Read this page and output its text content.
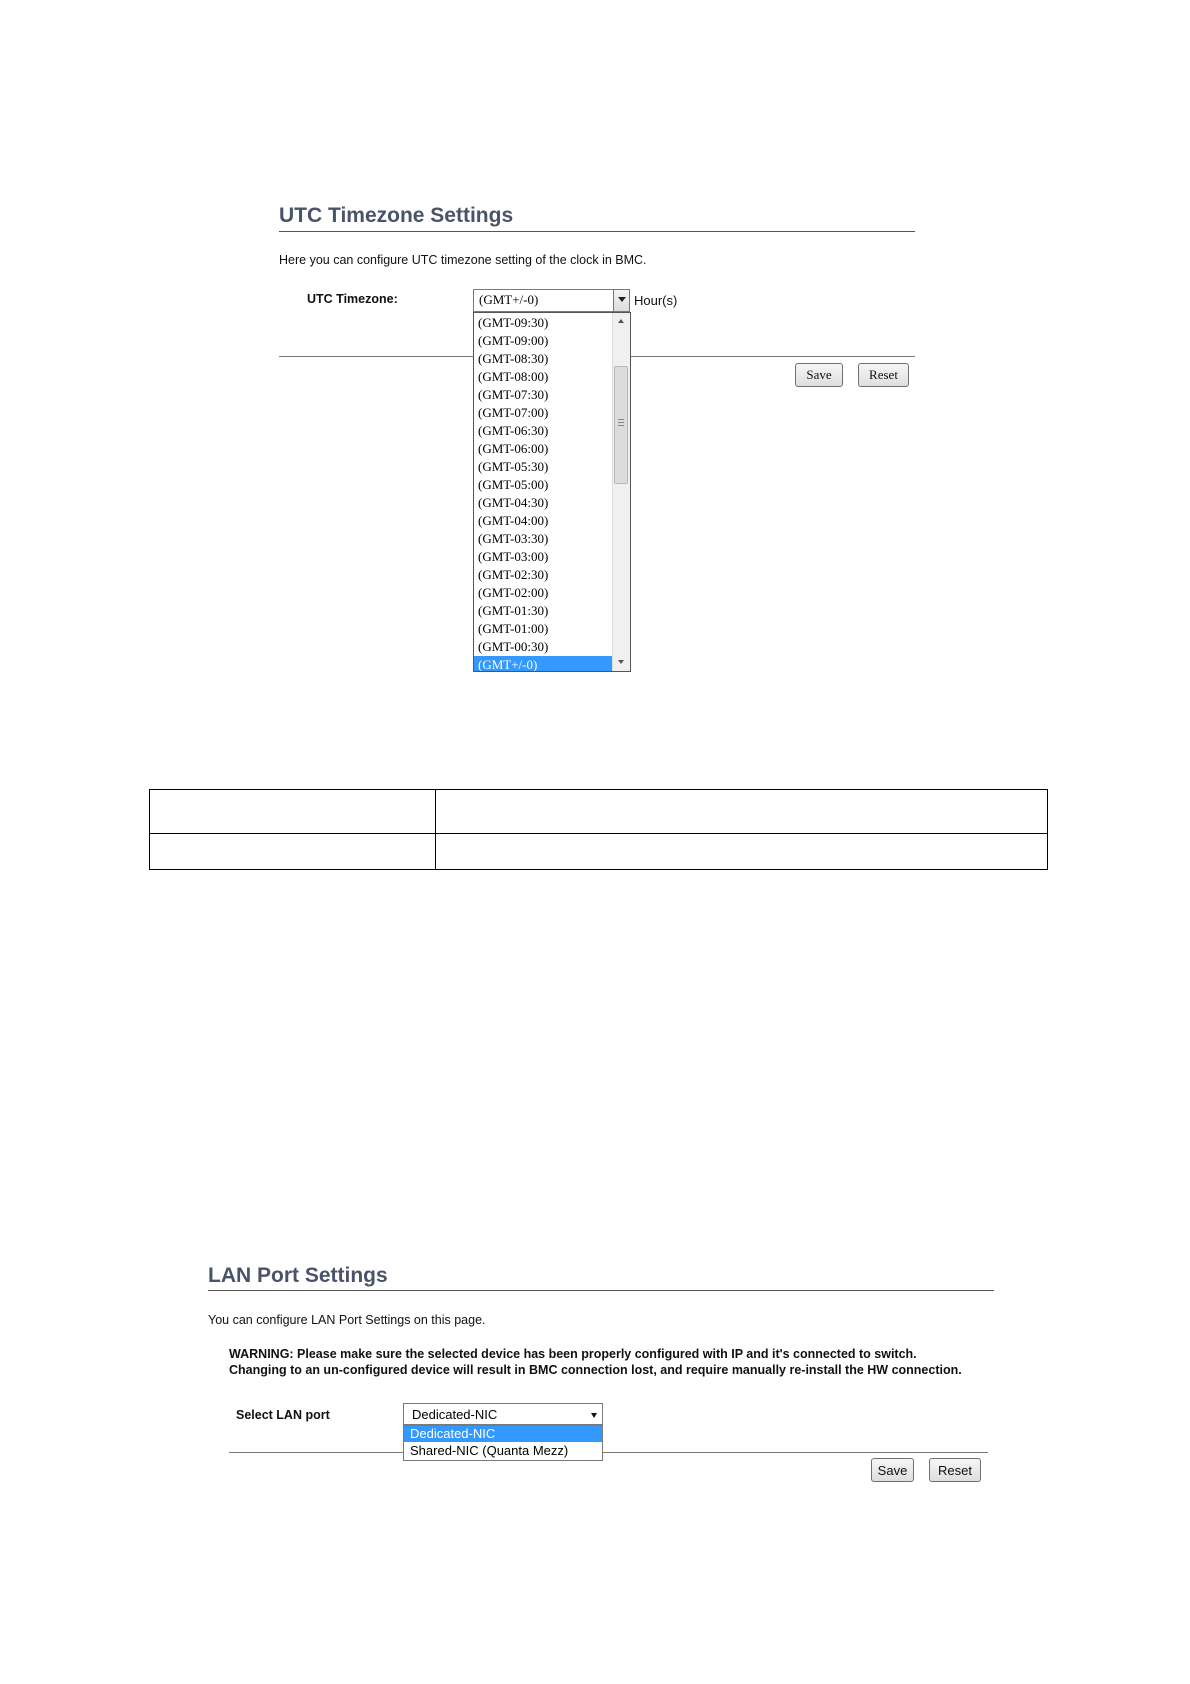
UTC Timezone Settings
Here you can configure UTC timezone setting of the clock in BMC.
UTC Timezone:	(GMT+/-0)	Hour(s)
Save	Reset
(GMT-09:30)
(GMT-09:00)
(GMT-08:30)
(GMT-08:00)
(GMT-07:30)
(GMT-07:00)
(GMT-06:30)
(GMT-06:00)
(GMT-05:30)
(GMT-05:00)
(GMT-04:30)
(GMT-04:00)
(GMT-03:30)
(GMT-03:00)
(GMT-02:30)
(GMT-02:00)
(GMT-01:30)
(GMT-01:00)
(GMT-00:30)
(GMT+/-0)

LAN Port Settings
You can configure LAN Port Settings on this page.
WARNING: Please make sure the selected device has been properly configured with IP and it's connected to switch.
Changing to an un-configured device will result in BMC connection lost, and require manually re-install the HW connection.
Select LAN port	Dedicated-NIC
Dedicated-NIC
Shared-NIC (Quanta Mezz)
Save	Reset
